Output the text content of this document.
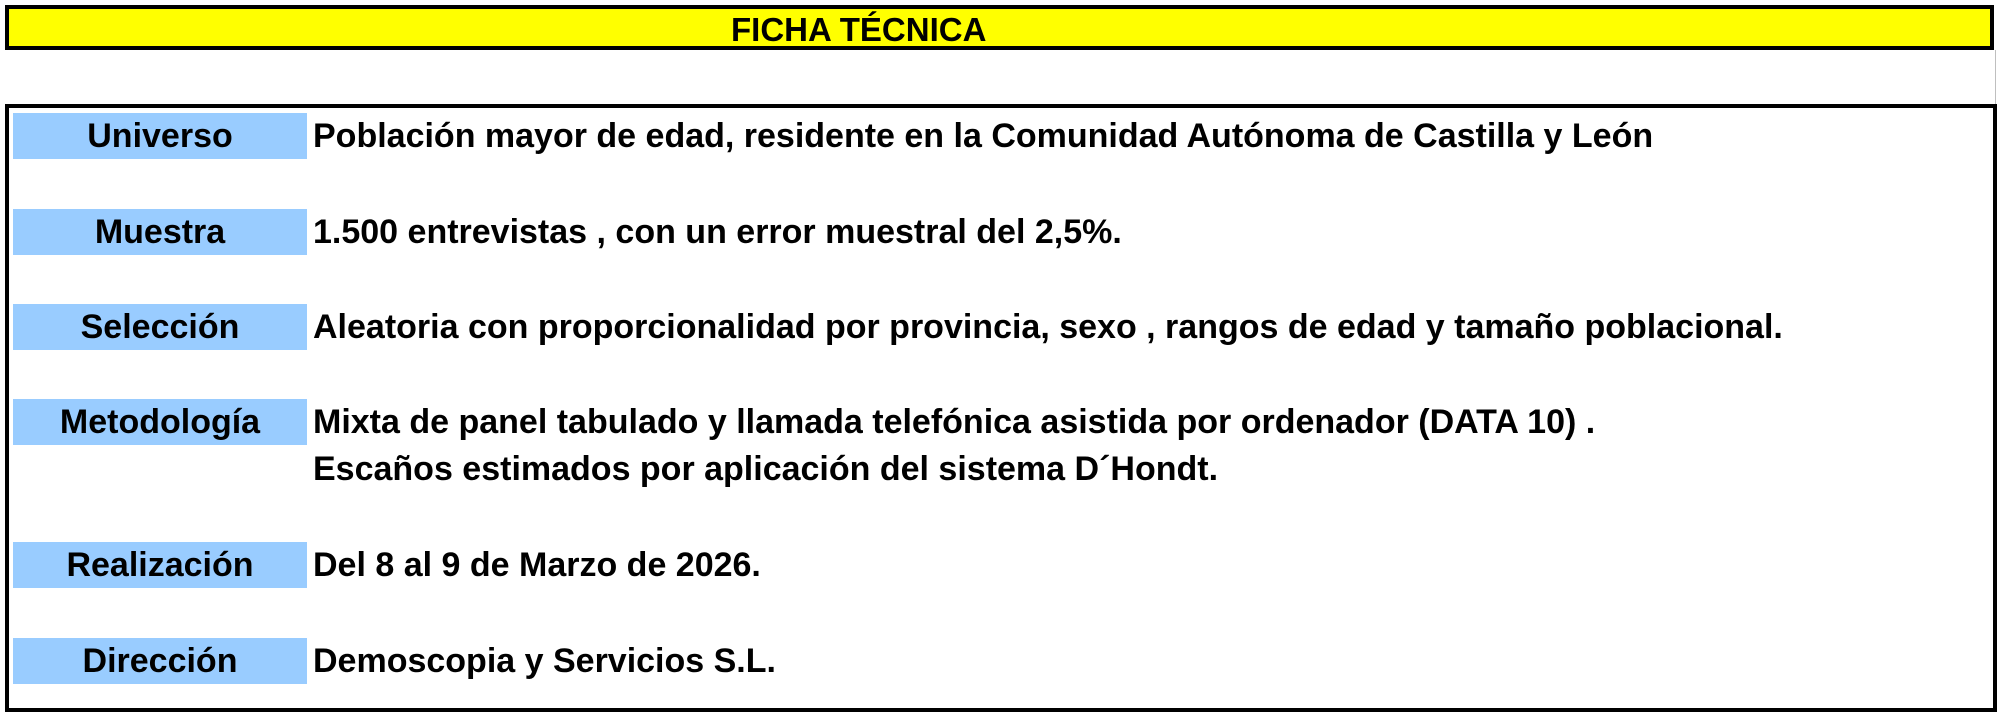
FICHA TÉCNICA
Universo	Población mayor de edad, residente en la Comunidad Autónoma de Castilla y León
Muestra	1.500 entrevistas , con un error muestral del 2,5%.
Selección	Aleatoria con proporcionalidad por provincia, sexo , rangos de edad y tamaño poblacional.
Metodología	Mixta de panel tabulado y llamada telefónica asistida por ordenador (DATA 10) .
Escaños estimados por aplicación del sistema D´Hondt.
Realización	Del 8 al 9 de Marzo de 2026.
Dirección	Demoscopia y Servicios S.L.
